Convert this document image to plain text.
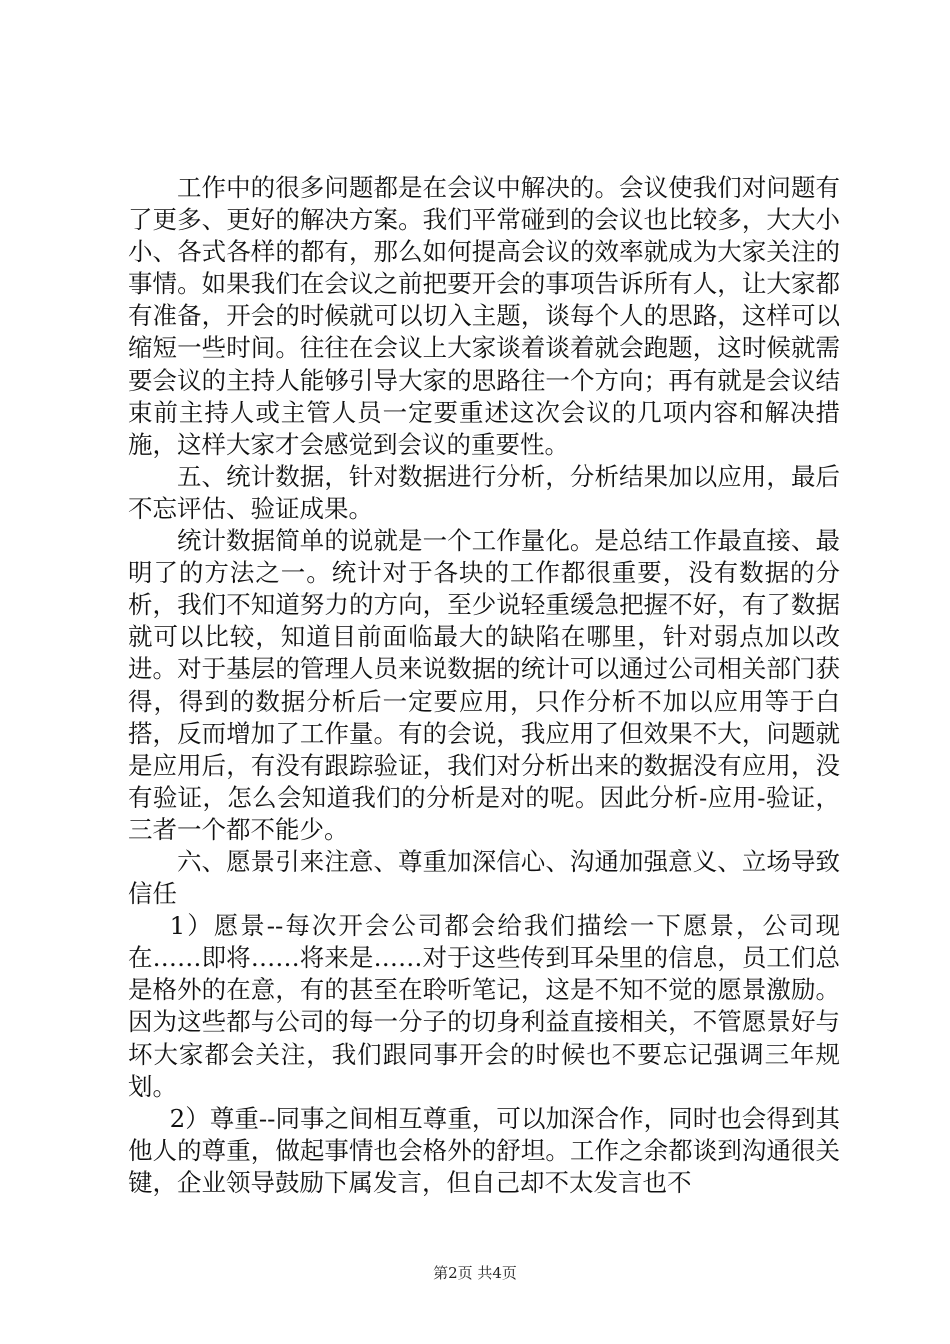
工作中的很多问题都是在会议中解决的。会议使我们对问题有了更多、更好的解决方案。我们平常碰到的会议也比较多，大大小小、各式各样的都有，那么如何提高会议的效率就成为大家关注的事情。如果我们在会议之前把要开会的事项告诉所有人，让大家都有准备，开会的时候就可以切入主题，谈每个人的思路，这样可以缩短一些时间。往往在会议上大家谈着谈着就会跑题，这时候就需要会议的主持人能够引导大家的思路往一个方向；再有就是会议结束前主持人或主管人员一定要重述这次会议的几项内容和解决措施，这样大家才会感觉到会议的重要性。

五、统计数据，针对数据进行分析，分析结果加以应用，最后不忘评估、验证成果。

统计数据简单的说就是一个工作量化。是总结工作最直接、最明了的方法之一。统计对于各块的工作都很重要，没有数据的分析，我们不知道努力的方向，至少说轻重缓急把握不好，有了数据就可以比较，知道目前面临最大的缺陷在哪里，针对弱点加以改进。对于基层的管理人员来说数据的统计可以通过公司相关部门获得，得到的数据分析后一定要应用，只作分析不加以应用等于白搭，反而增加了工作量。有的会说，我应用了但效果不大，问题就是应用后，有没有跟踪验证，我们对分析出来的数据没有应用，没有验证，怎么会知道我们的分析是对的呢。因此分析-应用-验证，三者一个都不能少。

六、愿景引来注意、尊重加深信心、沟通加强意义、立场导致信任

1）愿景--每次开会公司都会给我们描绘一下愿景，公司现在……即将……将来是……对于这些传到耳朵里的信息，员工们总是格外的在意，有的甚至在聆听笔记，这是不知不觉的愿景激励。因为这些都与公司的每一分子的切身利益直接相关，不管愿景好与坏大家都会关注，我们跟同事开会的时候也不要忘记强调三年规划。

2）尊重--同事之间相互尊重，可以加深合作，同时也会得到其他人的尊重，做起事情也会格外的舒坦。工作之余都谈到沟通很关键，企业领导鼓励下属发言，但自己却不太发言也不

第2页 共4页
